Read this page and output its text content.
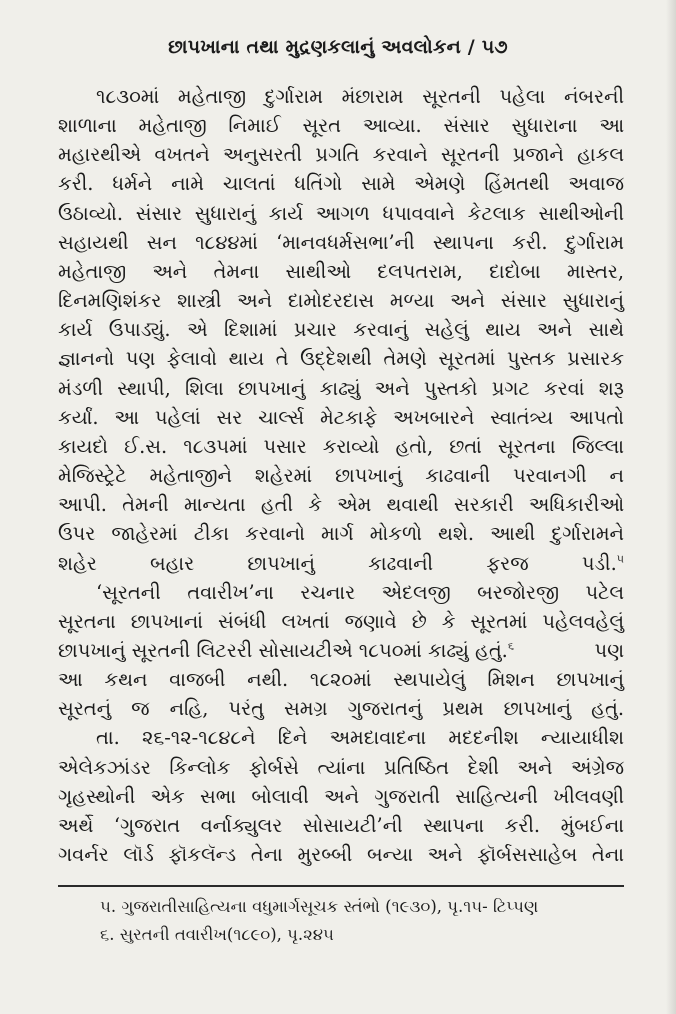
છાપખાના તથા મુદ્રણકલાનું અવલોકન / ૫૭
૧૮૩૦માં મહેતાજી દુર્ગારામ મંછારામ સૂરતની પહેલા નંબરની
શાળાના મહેતાજી નિમાઈ સૂરત આવ્યા. સંસાર સુધારાના આ
મહારથીએ વખતને અનુસરતી પ્રગતિ કરવાને સૂરતની પ્રજાને હાકલ
કરી. ધર્મને નામે ચાલતાં ધતિંગો સામે એમણે હિંમતથી અવાજ
ઉઠાવ્યો. સંસાર સુધારાનું કાર્ય આગળ ધપાવવાને કેટલાક સાથીઓની
સહાયથી સન ૧૮૪૪માં ‘માનવધર્મસભા’ની સ્થાપના કરી. દુર્ગારામ
મહેતાજી અને તેમના સાથીઓ દલપતરામ, દાદોબા માસ્તર,
દિનમણિશંકર શાસ્ત્રી અને દામોદરદાસ મળ્યા અને સંસાર સુધારાનું
કાર્ય ઉપાડ્યું. એ દિશામાં પ્રચાર કરવાનું સહેલું થાય અને સાથે
જ્ઞાનનો પણ ફેલાવો થાય તે ઉદ્દેશથી તેમણે સૂરતમાં પુસ્તક પ્રસારક
મંડળી સ્થાપી, શિલા છાપખાનું કાઢ્યું અને પુસ્તકો પ્રગટ કરવાં શરૂ
કર્યાં. આ પહેલાં સર ચાર્લ્સ મેટકાફે અખબારને સ્વાતંત્ર્ય આપતો
કાયદો ઈ.સ. ૧૮૩૫માં પસાર કરાવ્યો હતો, છતાં સૂરતના જિલ્લા
મેજિસ્ટ્રેટે મહેતાજીને શહેરમાં છાપખાનું કાઢવાની પરવાનગી ન
આપી. તેમની માન્યતા હતી કે એમ થવાથી સરકારી અધિકારીઓ
ઉપર જાહેરમાં ટીકા કરવાનો માર્ગ મોકળો થશે. આથી દુર્ગારામને
શહેર બહાર છાપખાનું કાઢવાની ફરજ પડી.$^૫$
‘સૂરતની તવારીખ’ના રચનાર એદલજી બરજોરજી પટેલ
સૂરતના છાપખાનાં સંબંધી લખતાં જણાવે છે કે સૂરતમાં પહેલવહેલું
છાપખાનું સૂરતની લિટરરી સોસાયટીએ ૧૮૫૦માં કાઢ્યું હતું.$^૬$	પણ
આ કથન વાજબી નથી. ૧૮૨૦માં સ્થપાયેલું મિશન છાપખાનું
સૂરતનું જ નહિ, પરંતુ સમગ્ર ગુજરાતનું પ્રથમ છાપખાનું હતું.
તા. ૨૬-૧૨-૧૮૪૮ને દિને અમદાવાદના મદદનીશ ન્યાયાધીશ
એલેકઝાંડર કિન્લોક ફોર્બસે ત્યાંના પ્રતિષ્ઠિત દેશી અને અંગ્રેજ
ગૃહસ્થોની એક સભા બોલાવી અને ગુજરાતી સાહિત્યની ખીલવણી
અર્થે ‘ગુજરાત વર્નાક્યુલર સોસાયટી’ની સ્થાપના કરી. મુંબઈના
ગવર્નર લૉર્ડ ફૉકલૅન્ડ તેના મુરબ્બી બન્યા અને ફૉર્બસસાહેબ તેના
૫. ગુજરાતીસાહિત્યના વધુમાર્ગસૂચક સ્તંભો (૧૯૩૦), પૃ.૧૫- ટિપ્પણ
૬. સુરતની તવારીખ(૧૮૯૦), પૃ.૨૪૫
